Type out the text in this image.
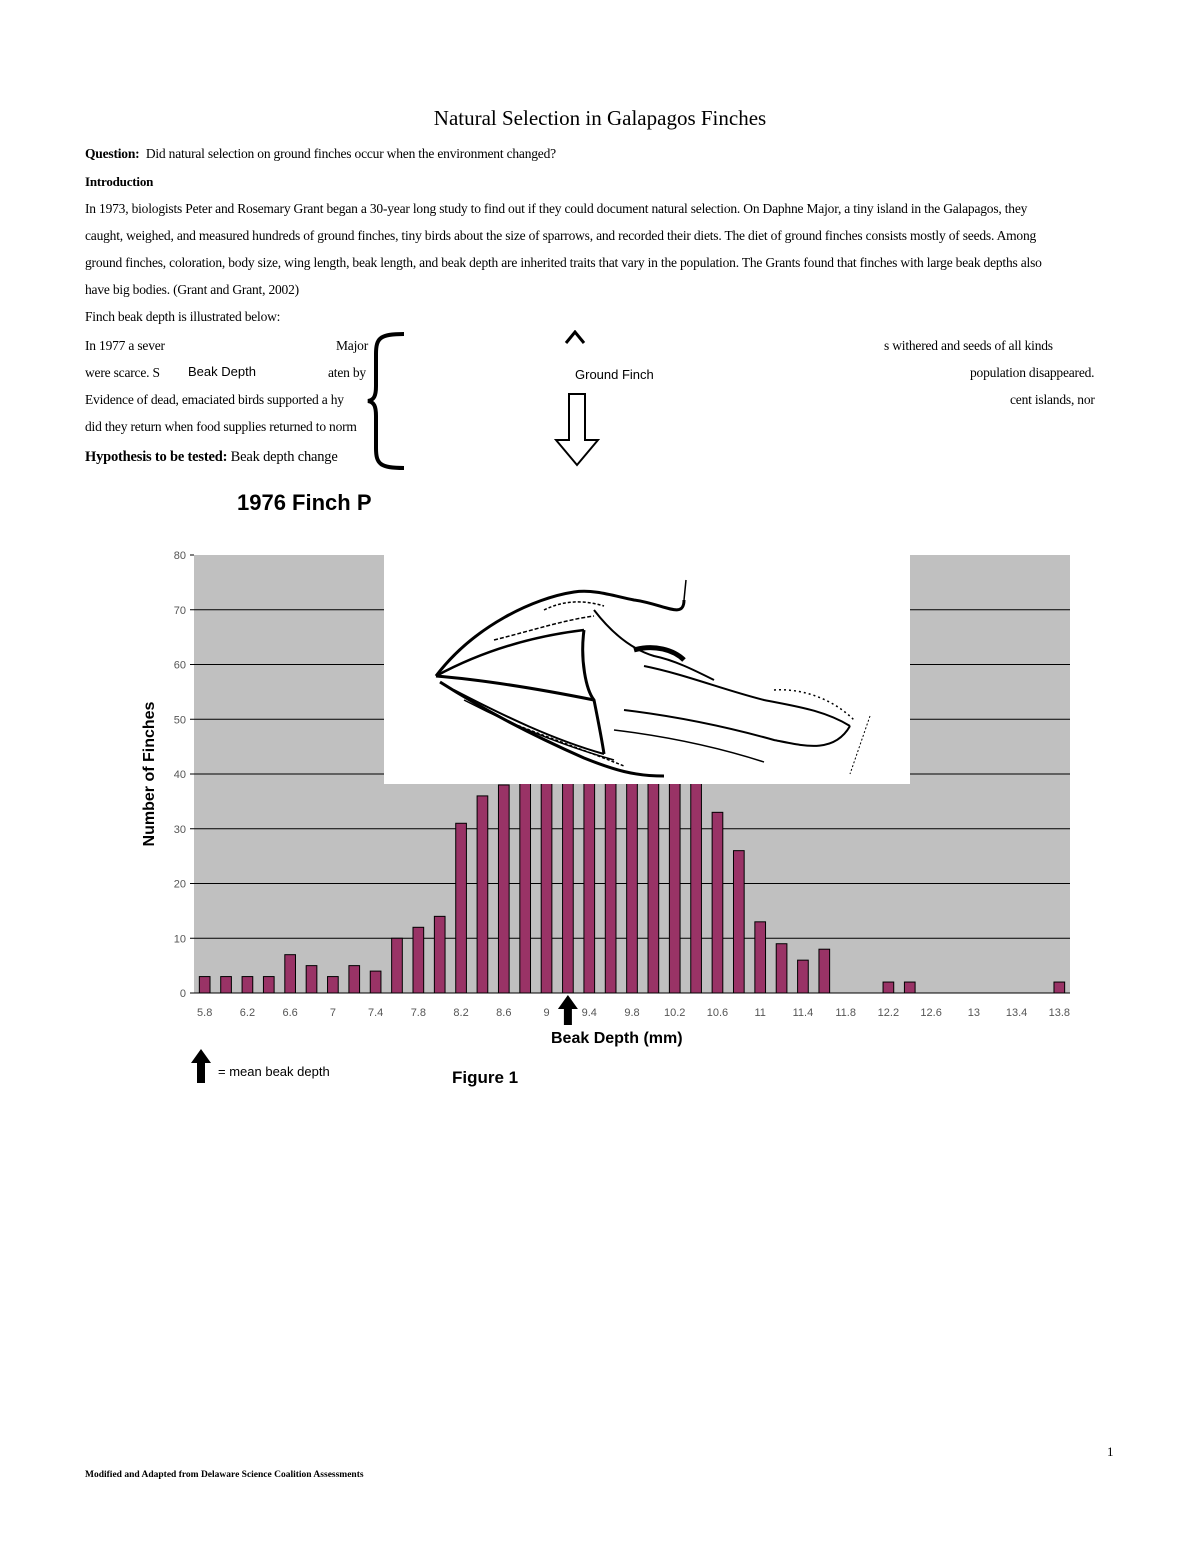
Natural Selection in Galapagos Finches
Question: Did natural selection on ground finches occur when the environment changed?
Introduction
In 1973, biologists Peter and Rosemary Grant began a 30-year long study to find out if they could document natural selection. On Daphne Major, a tiny island in the Galapagos, they
caught, weighed, and measured hundreds of ground finches, tiny birds about the size of sparrows, and recorded their diets. The diet of ground finches consists mostly of seeds. Among
ground finches, coloration, body size, wing length, beak length, and beak depth are inherited traits that vary in the population. The Grants found that finches with large beak depths also
have big bodies. (Grant and Grant, 2002)
Finch beak depth is illustrated below:
In 1977 a sever	Major	s withered and seeds of all kinds
were scarce. S	aten by	population disappeared.
Evidence of dead, emaciated birds supported a hy	cent islands, nor
did they return when food supplies returned to norm
Hypothesis to be tested: Beak depth change
Beak Depth	Ground Finch
1976 Finch P
Number of Finches
0
10
20
30
40
50
60
70
80
5.8 6.2 6.6	7	7.4 7.8 8.2 8.6	9	9.4 9.8 10.2 10.6 11 11.4 11.8 12.2 12.6 13 13.4 13.8
Beak Depth (mm)
= mean beak depth	Figure 1
1
Modified and Adapted from Delaware Science Coalition Assessments
